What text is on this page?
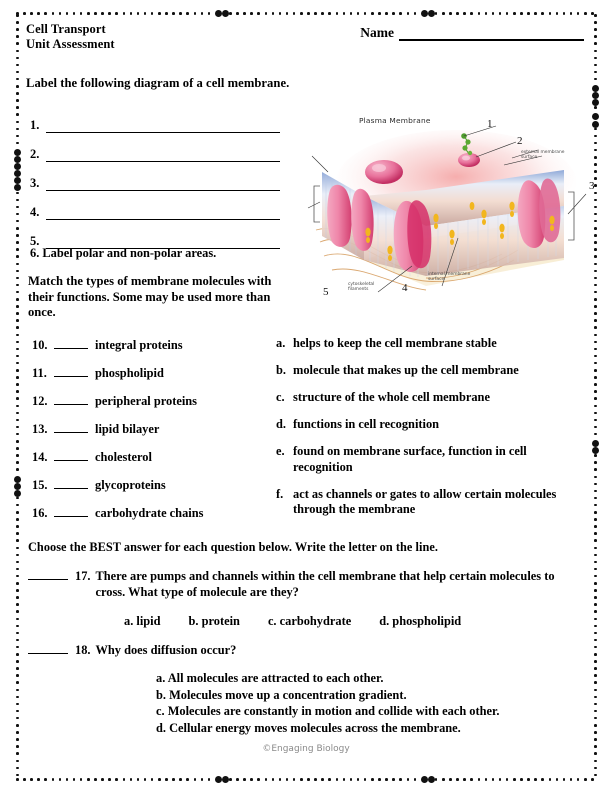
Cell Transport
Unit Assessment
Name
Label the following diagram of a cell membrane.
1.
2.
3.
4.
5.
6. Label polar and non-polar areas.
Match the types of membrane molecules with their functions. Some may be used more than once.
10.	integral proteins
11.	phospholipid
12.	peripheral proteins
13.	lipid bilayer
14.	cholesterol
15.	glycoproteins
16.	carbohydrate chains
a. helps to keep the cell membrane stable
b. molecule that makes up the cell membrane
c. structure of the whole cell membrane
d. functions in cell recognition
e. found on membrane surface, function in cell recognition
f. act as channels or gates to allow certain molecules through the membrane
Choose the BEST answer for each question below. Write the letter on the line.
17. There are pumps and channels within the cell membrane that help certain molecules to cross. What type of molecule are they?
a. lipid b. protein c. carbohydrate d. phospholipid
18. Why does diffusion occur?
a. All molecules are attracted to each other.
b. Molecules move up a concentration gradient.
c. Molecules are constantly in motion and collide with each other.
d. Cellular energy moves molecules across the membrane.
©Engaging Biology
Plasma Membrane
external membrane
surface
internal membrane
surface
cytoskeletal
filaments
1
2
3
4
5
